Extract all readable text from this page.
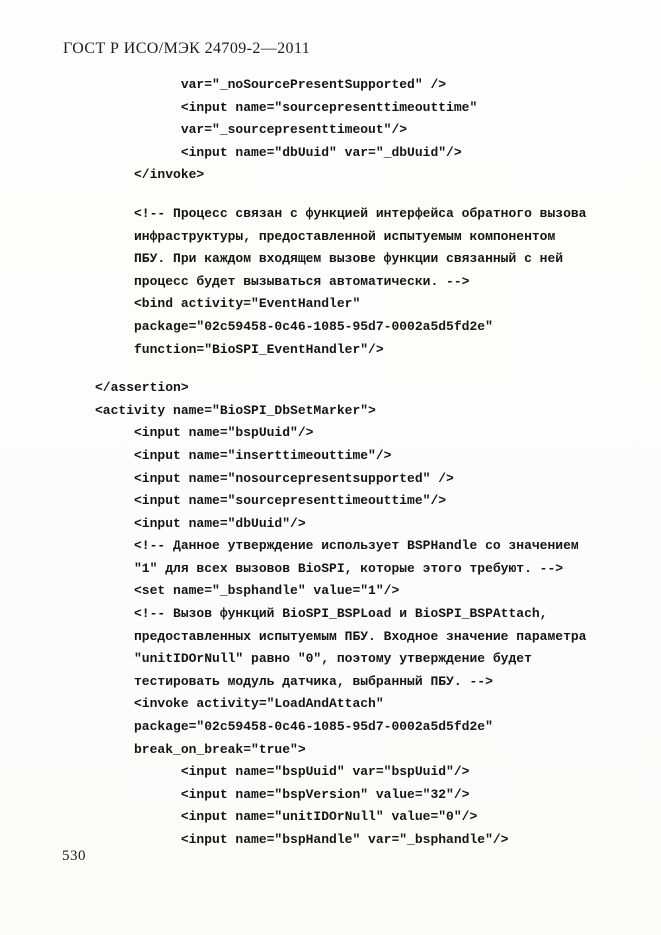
ГОСТ Р ИСО/МЭК 24709-2—2011
var="_noSourcePresentSupported" />
<input name="sourcepresenttimeouttime"
var="_sourcepresenttimeout"/>
<input name="dbUuid" var="_dbUuid"/>
</invoke>
<!-- Процесс связан с функцией интерфейса обратного вызова
инфраструктуры, предоставленной испытуемым компонентом
ПБУ. При каждом входящем вызове функции связанный с ней
процесс будет вызываться автоматически. -->
<bind activity="EventHandler"
package="02c59458-0c46-1085-95d7-0002a5d5fd2e"
function="BioSPI_EventHandler"/>
</assertion>
<activity name="BioSPI_DbSetMarker">
<input name="bspUuid"/>
<input name="inserttimeouttime"/>
<input name="nosourcepresentsupported" />
<input name="sourcepresenttimeouttime"/>
<input name="dbUuid"/>
<!-- Данное утверждение использует BSPHandle со значением
"1" для всех вызовов BioSPI, которые этого требуют. -->
<set name="_bsphandle" value="1"/>
<!-- Вызов функций BioSPI_BSPLoad и BioSPI_BSPAttach,
предоставленных испытуемым ПБУ. Входное значение параметра
"unitIDOrNull" равно "0", поэтому утверждение будет
тестировать модуль датчика, выбранный ПБУ. -->
<invoke activity="LoadAndAttach"
package="02c59458-0c46-1085-95d7-0002a5d5fd2e"
break_on_break="true">
<input name="bspUuid" var="bspUuid"/>
<input name="bspVersion" value="32"/>
<input name="unitIDOrNull" value="0"/>
<input name="bspHandle" var="_bsphandle"/>
530
